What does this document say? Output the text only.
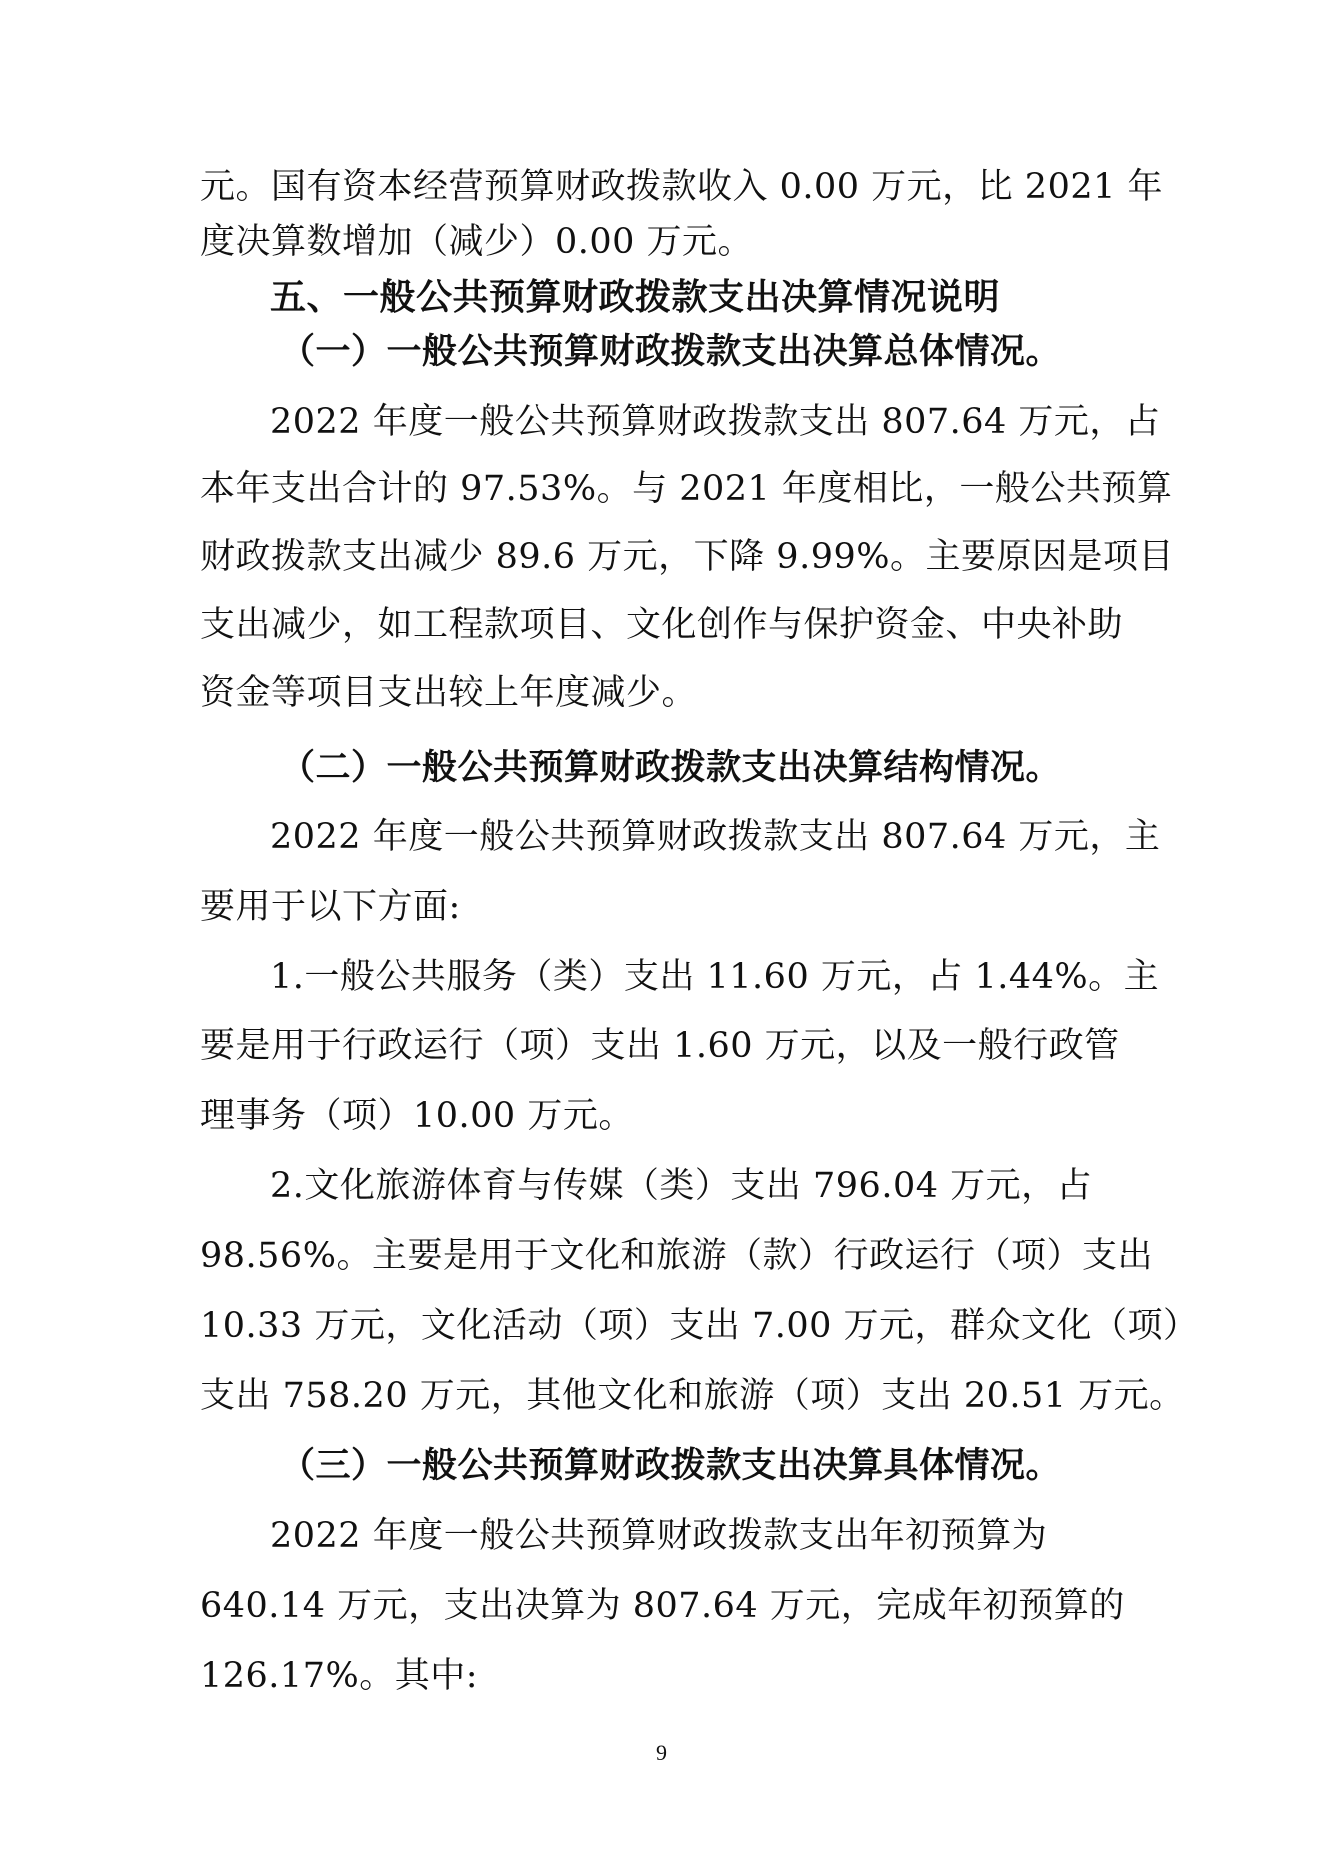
元。国有资本经营预算财政拨款收入 0.00 万元，比 2021 年
度决算数增加（减少）0.00 万元。
五、一般公共预算财政拨款支出决算情况说明
（一）一般公共预算财政拨款支出决算总体情况。
2022 年度一般公共预算财政拨款支出 807.64 万元，占
本年支出合计的 97.53%。与 2021 年度相比，一般公共预算
财政拨款支出减少 89.6 万元，下降 9.99%。主要原因是项目
支出减少，如工程款项目、文化创作与保护资金、中央补助
资金等项目支出较上年度减少。
（二）一般公共预算财政拨款支出决算结构情况。
2022 年度一般公共预算财政拨款支出 807.64 万元，主
要用于以下方面:
1.一般公共服务（类）支出 11.60 万元，占 1.44%。主
要是用于行政运行（项）支出 1.60 万元，以及一般行政管
理事务（项）10.00 万元。
2.文化旅游体育与传媒（类）支出 796.04 万元，占
98.56%。主要是用于文化和旅游（款）行政运行（项）支出
10.33 万元，文化活动（项）支出 7.00 万元，群众文化（项）
支出 758.20 万元，其他文化和旅游（项）支出 20.51 万元。
（三）一般公共预算财政拨款支出决算具体情况。
2022 年度一般公共预算财政拨款支出年初预算为
640.14 万元，支出决算为 807.64 万元，完成年初预算的
126.17%。其中:
9
